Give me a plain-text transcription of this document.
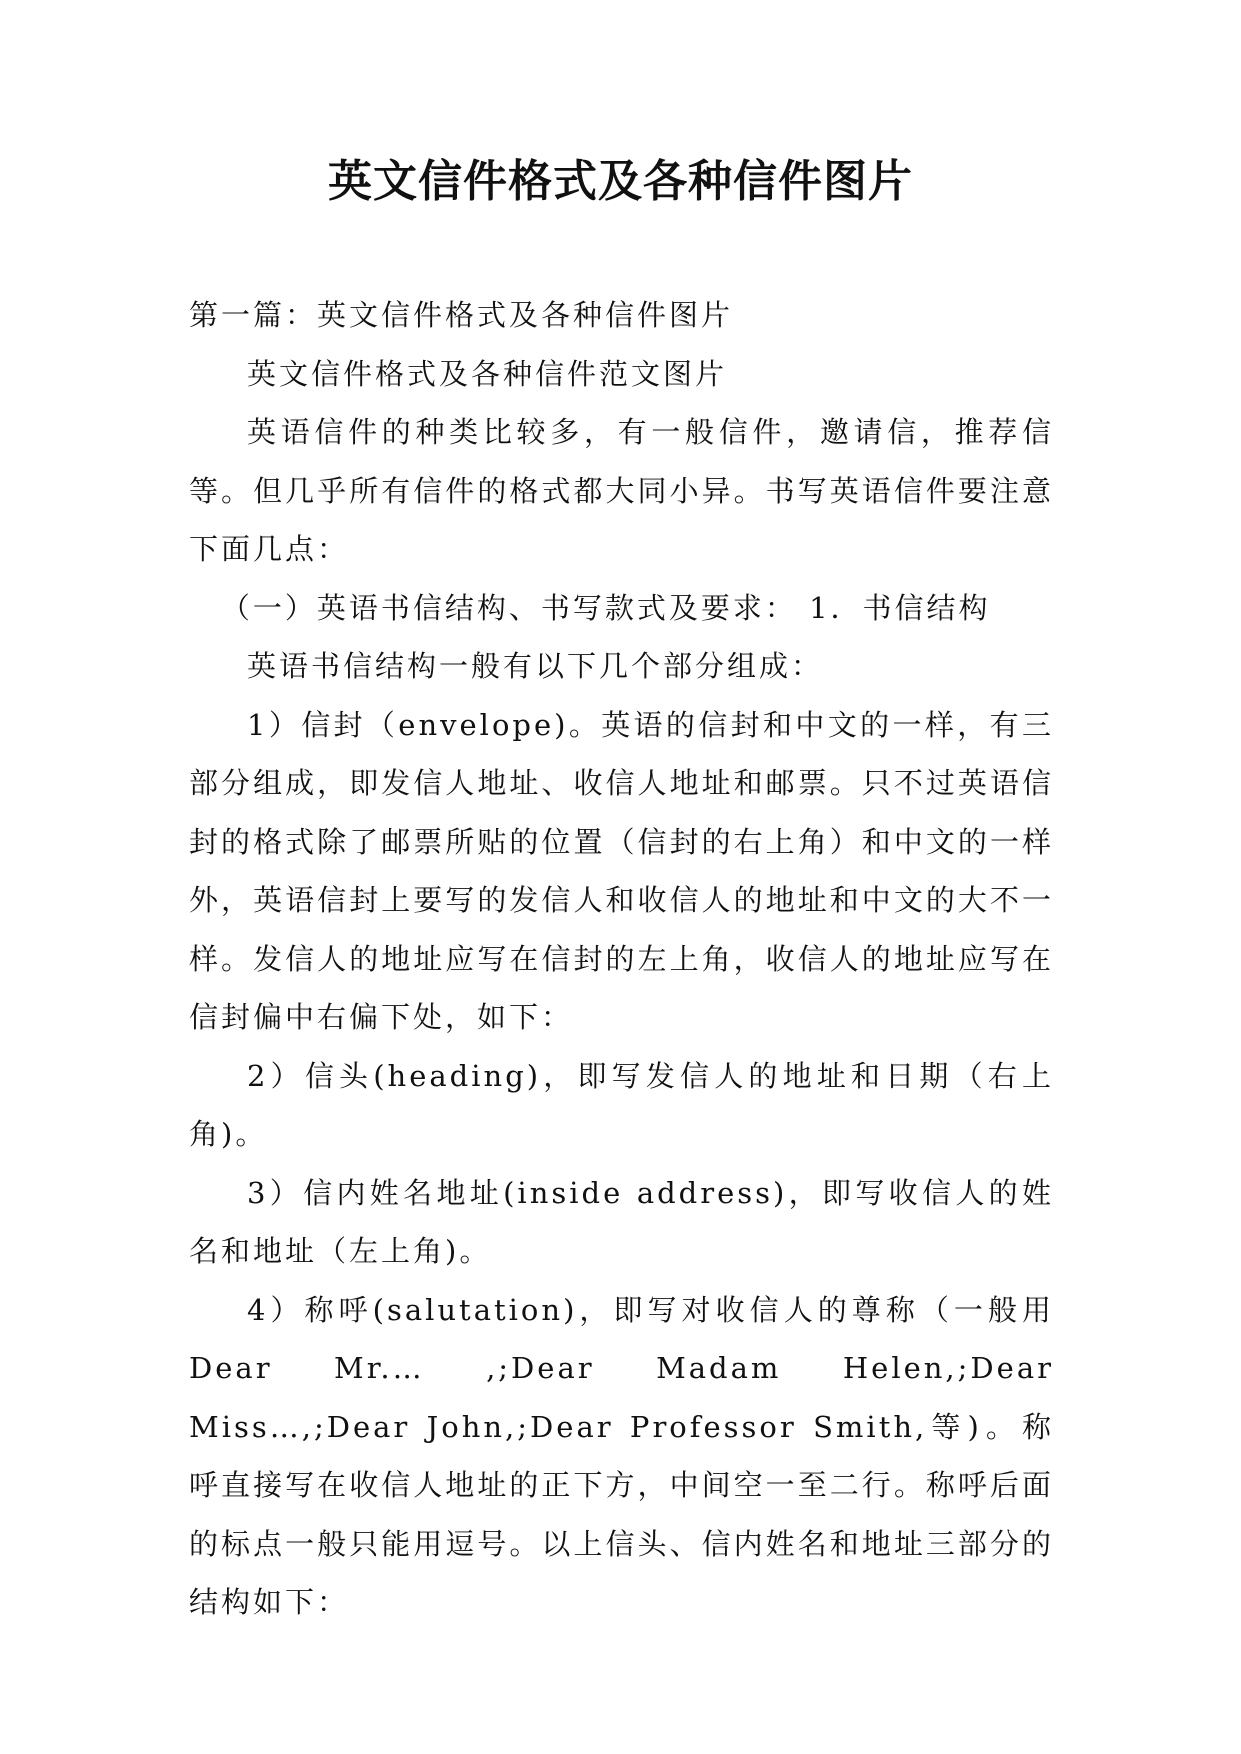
英文信件格式及各种信件图片

第一篇：英文信件格式及各种信件图片

英文信件格式及各种信件范文图片

英语信件的种类比较多，有一般信件，邀请信，推荐信等。但几乎所有信件的格式都大同小异。书写英语信件要注意下面几点：

（一）英语书信结构、书写款式及要求： 1．书信结构

英语书信结构一般有以下几个部分组成：

1）信封（envelope)。英语的信封和中文的一样，有三部分组成，即发信人地址、收信人地址和邮票。只不过英语信封的格式除了邮票所贴的位置（信封的右上角）和中文的一样外，英语信封上要写的发信人和收信人的地址和中文的大不一样。发信人的地址应写在信封的左上角，收信人的地址应写在信封偏中右偏下处，如下：

2）信头(heading)，即写发信人的地址和日期（右上角)。

3）信内姓名地址(inside address)，即写收信人的姓名和地址（左上角)。

4）称呼(salutation)，即写对收信人的尊称（一般用Dear Mr.… ,;Dear Madam Helen,;Dear Miss…,;Dear John,;Dear Professor Smith,等)。称呼直接写在收信人地址的正下方，中间空一至二行。称呼后面的标点一般只能用逗号。以上信头、信内姓名和地址三部分的结构如下：
